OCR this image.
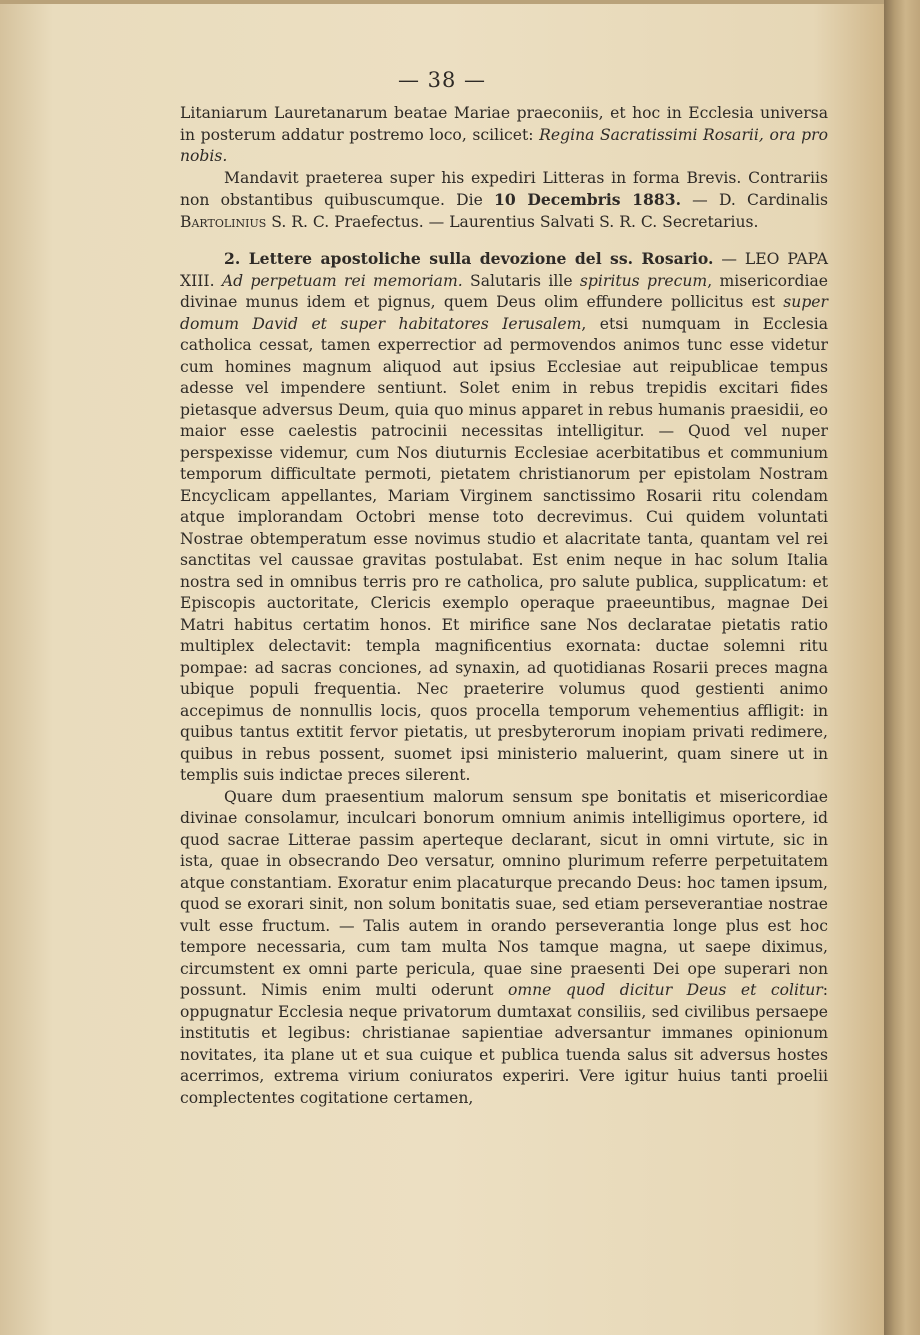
— 38 —

Litaniarum Lauretanarum beatae Mariae praeconiis, et hoc in Ecclesia universa in posterum addatur postremo loco, scilicet: Regina Sacratissimi Rosarii, ora pro nobis.

Mandavit praeterea super his expediri Litteras in forma Brevis. Contrariis non obstantibus quibuscumque. Die 10 Decembris 1883. — D. Cardinalis Bartolinius S. R. C. Praefectus. — Laurentius Salvati S. R. C. Secretarius.

2. Lettere apostoliche sulla devozione del ss. Rosario. — LEO PAPA XIII. Ad perpetuam rei memoriam. Salutaris ille spiritus precum, misericordiae divinae munus idem et pignus, quem Deus olim effundere pollicitus est super domum David et super habitatores Ierusalem, etsi numquam in Ecclesia catholica cessat, tamen experrectior ad permovendos animos tunc esse videtur cum homines magnum aliquod aut ipsius Ecclesiae aut reipublicae tempus adesse vel impendere sentiunt. Solet enim in rebus trepidis excitari fides pietasque adversus Deum, quia quo minus apparet in rebus humanis praesidii, eo maior esse caelestis patrocinii necessitas intelligitur. — Quod vel nuper perspexisse videmur, cum Nos diuturnis Ecclesiae acerbitatibus et communium temporum difficultate permoti, pietatem christianorum per epistolam Nostram Encyclicam appellantes, Mariam Virginem sanctissimo Rosarii ritu colendam atque implorandam Octobri mense toto decrevimus. Cui quidem voluntati Nostrae obtemperatum esse novimus studio et alacritate tanta, quantam vel rei sanctitas vel caussae gravitas postulabat. Est enim neque in hac solum Italia nostra sed in omnibus terris pro re catholica, pro salute publica, supplicatum: et Episcopis auctoritate, Clericis exemplo operaque praeeuntibus, magnae Dei Matri habitus certatim honos. Et mirifice sane Nos declaratae pietatis ratio multiplex delectavit: templa magnificentius exornata: ductae solemni ritu pompae: ad sacras conciones, ad synaxin, ad quotidianas Rosarii preces magna ubique populi frequentia. Nec praeterire volumus quod gestienti animo accepimus de nonnullis locis, quos procella temporum vehementius affligit: in quibus tantus extitit fervor pietatis, ut presbyterorum inopiam privati redimere, quibus in rebus possent, suomet ipsi ministerio maluerint, quam sinere ut in templis suis indictae preces silerent.

Quare dum praesentium malorum sensum spe bonitatis et misericordiae divinae consolamur, inculcari bonorum omnium animis intelligimus oportere, id quod sacrae Litterae passim aperteque declarant, sicut in omni virtute, sic in ista, quae in obsecrando Deo versatur, omnino plurimum referre perpetuitatem atque constantiam. Exoratur enim placaturque precando Deus: hoc tamen ipsum, quod se exorari sinit, non solum bonitatis suae, sed etiam perseverantiae nostrae vult esse fructum. — Talis autem in orando perseverantia longe plus est hoc tempore necessaria, cum tam multa Nos tamque magna, ut saepe diximus, circumstent ex omni parte pericula, quae sine praesenti Dei ope superari non possunt. Nimis enim multi oderunt omne quod dicitur Deus et colitur: oppugnatur Ecclesia neque privatorum dumtaxat consiliis, sed civilibus persaepe institutis et legibus: christianae sapientiae adversantur immanes opinionum novitates, ita plane ut et sua cuique et publica tuenda salus sit adversus hostes acerrimos, extrema virium coniuratos experiri. Vere igitur huius tanti proelii complectentes cogitatione certamen,
